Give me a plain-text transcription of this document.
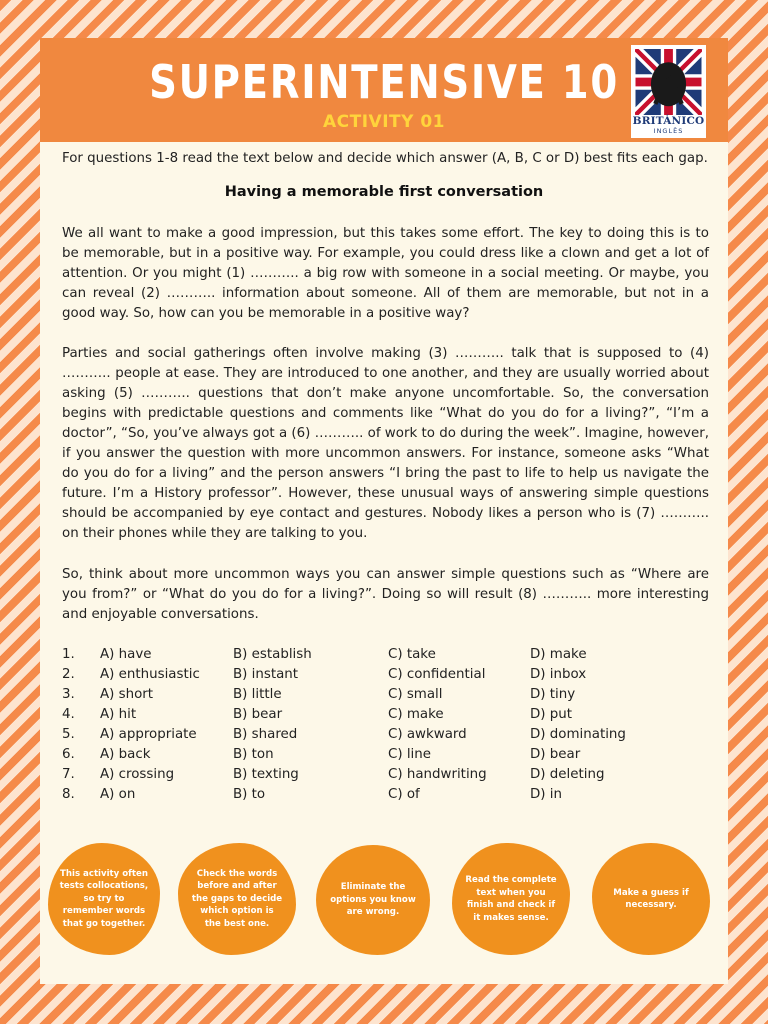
SUPERINTENSIVE 10
ACTIVITY 01	BRITÁNICO
INGLÊS
For questions 1-8 read the text below and decide which answer (A, B, C or D) best fits each gap.
Having a memorable first conversation
We all want to make a good impression, but this takes some effort. The key to doing this is to be memorable, but in a positive way. For example, you could dress like a clown and get a lot of attention. Or you might (1) ……….. a big row with someone in a social meeting. Or maybe, you can reveal (2) ……….. information about someone. All of them are memorable, but not in a good way. So, how can you be memorable in a positive way?
Parties and social gatherings often involve making (3) ……….. talk that is supposed to (4) ……….. people at ease. They are introduced to one another, and they are usually worried about asking (5) ……….. questions that don’t make anyone uncomfortable. So, the conversation begins with predictable questions and comments like “What do you do for a living?”, “I’m a doctor”, “So, you’ve always got a (6) ……….. of work to do during the week”. Imagine, however, if you answer the question with more uncommon answers. For instance, someone asks “What do you do for a living” and the person answers “I bring the past to life to help us navigate the future. I’m a History professor”. However, these unusual ways of answering simple questions should be accompanied by eye contact and gestures. Nobody likes a person who is (7) ……….. on their phones while they are talking to you.
So, think about more uncommon ways you can answer simple questions such as “Where are you from?” or “What do you do for a living?”. Doing so will result (8) ……….. more interesting and enjoyable conversations.
1. A) have	B) establish	C) take	D) make
2. A) enthusiastic B) instant	C) confidential	D) inbox
3. A) short	B) little	C) small	D) tiny
4. A) hit	B) bear	C) make	D) put
5. A) appropriate	B) shared	C) awkward	D) dominating
6. A) back	B) ton	C) line	D) bear
7. A) crossing	B) texting	C) handwriting	D) deleting
8. A) on	B) to	C) of	D) in
This activity often
tests collocations,
so try to
remember words
that go together.
Check the words
before and after
the gaps to decide
which option is
the best one.
Eliminate the
options you know
are wrong.
Read the complete
text when you
finish and check if
it makes sense.
Make a guess if
necessary.
